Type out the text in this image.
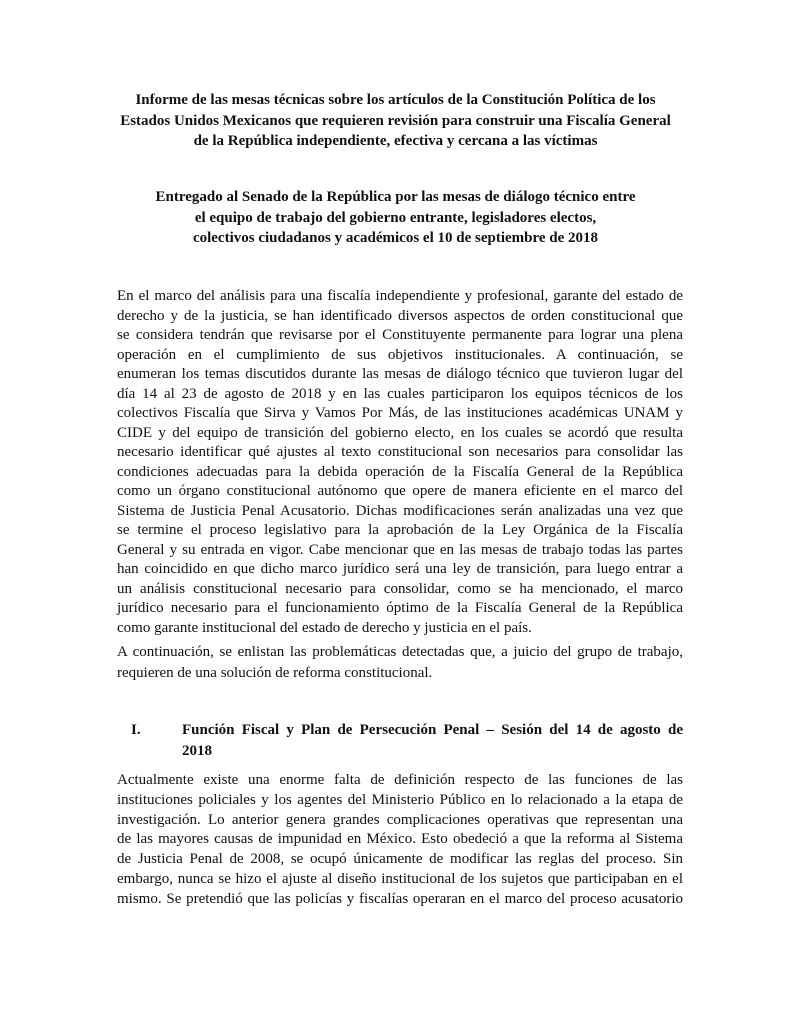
Informe de las mesas técnicas sobre los artículos de la Constitución Política de los
Estados Unidos Mexicanos que requieren revisión para construir una Fiscalía General
de la República independiente, efectiva y cercana a las víctimas
Entregado al Senado de la República por las mesas de diálogo técnico entre
el equipo de trabajo del gobierno entrante, legisladores electos,
colectivos ciudadanos y académicos el 10 de septiembre de 2018
En el marco del análisis para una fiscalía independiente y profesional, garante del estado de
derecho y de la justicia, se han identificado diversos aspectos de orden constitucional que
se considera tendrán que revisarse por el Constituyente permanente para lograr una plena
operación en el cumplimiento de sus objetivos institucionales. A continuación, se
enumeran los temas discutidos durante las mesas de diálogo técnico que tuvieron lugar del
día 14 al 23 de agosto de 2018 y en las cuales participaron los equipos técnicos de los
colectivos Fiscalía que Sirva y Vamos Por Más, de las instituciones académicas UNAM y
CIDE y del equipo de transición del gobierno electo, en los cuales se acordó que resulta
necesario identificar qué ajustes al texto constitucional son necesarios para consolidar las
condiciones adecuadas para la debida operación de la Fiscalía General de la República
como un órgano constitucional autónomo que opere de manera eficiente en el marco del
Sistema de Justicia Penal Acusatorio. Dichas modificaciones serán analizadas una vez que
se termine el proceso legislativo para la aprobación de la Ley Orgánica de la Fiscalía
General y su entrada en vigor. Cabe mencionar que en las mesas de trabajo todas las partes
han coincidido en que dicho marco jurídico será una ley de transición, para luego entrar a
un análisis constitucional necesario para consolidar, como se ha mencionado, el marco
jurídico necesario para el funcionamiento óptimo de la Fiscalía General de la República
como garante institucional del estado de derecho y justicia en el país.
A continuación, se enlistan las problemáticas detectadas que, a juicio del grupo de trabajo,
requieren de una solución de reforma constitucional.
I.	Función Fiscal y Plan de Persecución Penal – Sesión del 14 de agosto de
2018
Actualmente existe una enorme falta de definición respecto de las funciones de las
instituciones policiales y los agentes del Ministerio Público en lo relacionado a la etapa de
investigación. Lo anterior genera grandes complicaciones operativas que representan una
de las mayores causas de impunidad en México. Esto obedeció a que la reforma al Sistema
de Justicia Penal de 2008, se ocupó únicamente de modificar las reglas del proceso. Sin
embargo, nunca se hizo el ajuste al diseño institucional de los sujetos que participaban en el
mismo. Se pretendió que las policías y fiscalías operaran en el marco del proceso acusatorio
